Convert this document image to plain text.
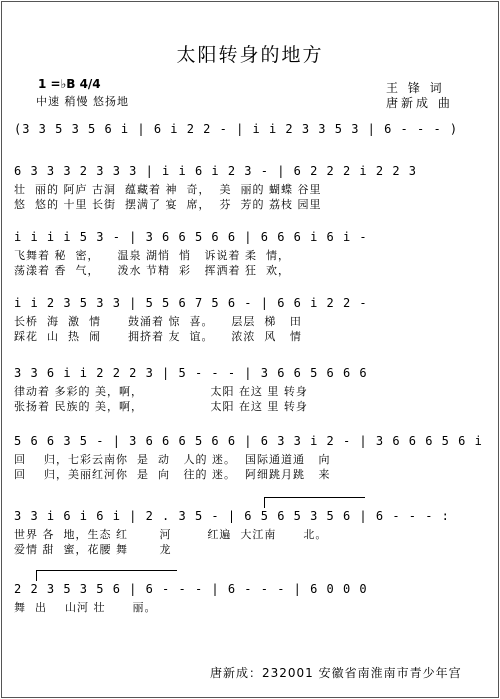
太阳转身的地方
1 =♭B 4/4
中速 稍慢 悠扬地
王 锋 词
唐新成 曲
(3 3 5 3 5 6 i | 6 i 2 2 - | i i 2 3 3 5 3 | 6 - - - )
6 3 3 3 2 3 3 3 | i i 6 i 2 3 - | 6 2 2 2 i 2 2 3
壮  丽的 阿庐 古洞  蕴藏着 神  奇，  美  丽的 蝴蝶 谷里
悠  悠的 十里 长街  摆满了 宴  席，  芬  芳的 荔枝 园里
i i i i 5 3 - | 3 6 6 5 6 6 | 6 6 6 i 6 i -
飞舞着 秘  密，    温泉 湖悄  悄   诉说着 柔  情，
荡漾着 香  气，    泼水 节精  彩   挥洒着 狂  欢，
i i 2 3 5 3 3 | 5 5 6 7 5 6 - | 6 6 i 2 2 -
长桥  海  激  情      鼓涌着 惊  喜。    层层  梯   田
踩花  山  热  闹      拥挤着 友  谊。    浓浓  风   情
3 3 6 i i 2 2 2 3 | 5 - - - | 3 6 6 5 6 6 6
律动着 多彩的 美，啊，               太阳 在这 里 转身
张扬着 民族的 美，啊，               太阳 在这 里 转身
5 6 6 3 5 - | 3 6 6 6 5 6 6 | 6 3 3 i 2 - | 3 6 6 6 5 6 i
回    归，七彩云南你  是  动   人的 迷。  国际通道通   向
回    归，美丽红河你  是  向   往的 迷。  阿细跳月跳   来
3 3 i 6 i 6 i | 2 . 3 5 - | 6 5 6 5 3 5 6 | 6 - - - :
世界 各  地，生态 红       河        红遍  大江南      北。
爱情 甜  蜜，花腰 舞       龙
2 2 3 5 3 5 6 | 6 - - - | 6 - - - | 6 0 0 0
舞  出    山河 壮      丽。
唐新成：232001 安徽省南淮南市青少年宫
